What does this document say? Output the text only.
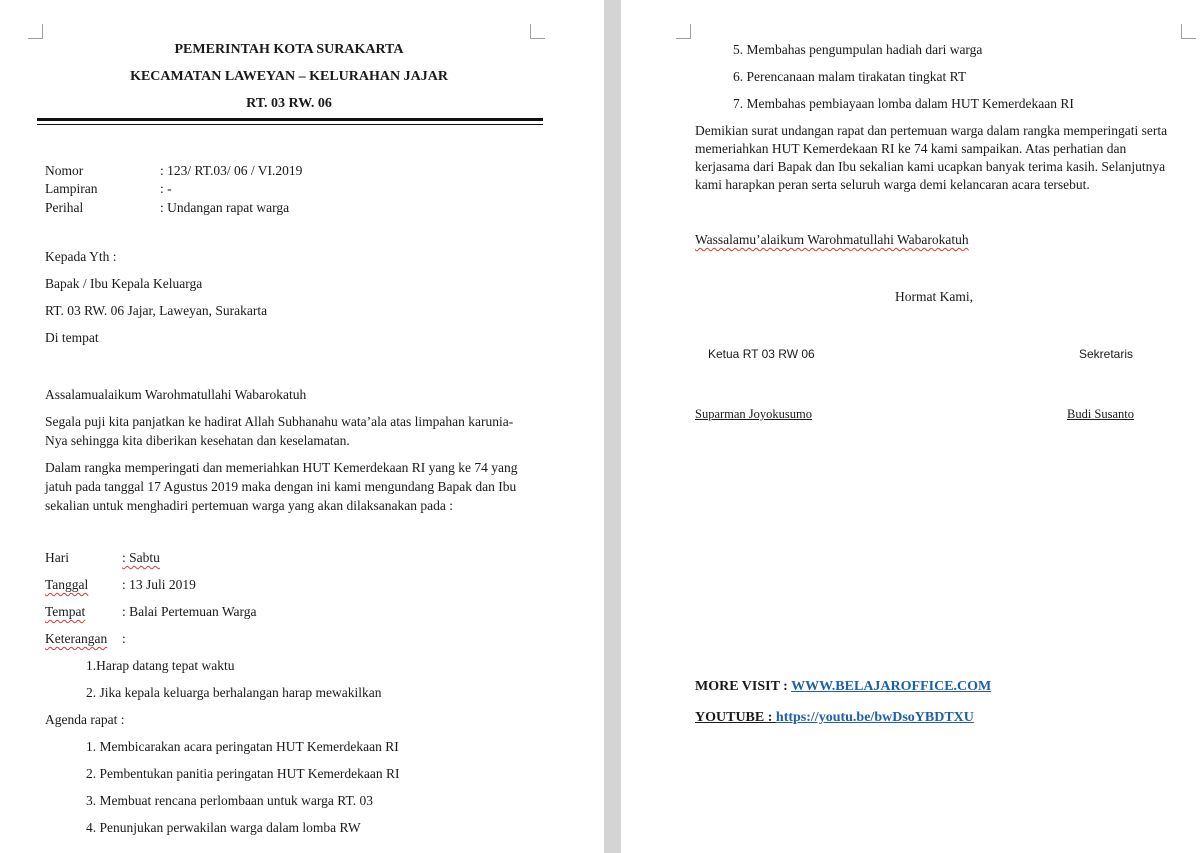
PEMERINTAH KOTA SURAKARTA
KECAMATAN LAWEYAN – KELURAHAN JAJAR
RT. 03 RW. 06
Nomor	: 123/ RT.03/ 06 / VI.2019
Lampiran	: -
Perihal	: Undangan rapat warga
Kepada Yth :
Bapak / Ibu Kepala Keluarga
RT. 03 RW. 06 Jajar, Laweyan, Surakarta
Di tempat
Assalamualaikum Warohmatullahi Wabarokatuh
Segala puji kita panjatkan ke hadirat Allah Subhanahu wata’ala atas limpahan karunia-
Nya sehingga kita diberikan kesehatan dan keselamatan.
Dalam rangka memperingati dan memeriahkan HUT Kemerdekaan RI yang ke 74 yang
jatuh pada tanggal 17 Agustus 2019 maka dengan ini kami mengundang Bapak dan Ibu
sekalian untuk menghadiri pertemuan warga yang akan dilaksanakan pada :
Hari	: Sabtu
Tanggal : 13 Juli 2019
Tempat	: Balai Pertemuan Warga
Keterangan :
1.Harap datang tepat waktu
2. Jika kepala keluarga berhalangan harap mewakilkan
Agenda rapat :
1. Membicarakan acara peringatan HUT Kemerdekaan RI
2. Pembentukan panitia peringatan HUT Kemerdekaan RI
3. Membuat rencana perlombaan untuk warga RT. 03
4. Penunjukan perwakilan warga dalam lomba RW
5. Membahas pengumpulan hadiah dari warga
6. Perencanaan malam tirakatan tingkat RT
7. Membahas pembiayaan lomba dalam HUT Kemerdekaan RI
Demikian surat undangan rapat dan pertemuan warga dalam rangka memperingati serta
memeriahkan HUT Kemerdekaan RI ke 74 kami sampaikan. Atas perhatian dan
kerjasama dari Bapak dan Ibu sekalian kami ucapkan banyak terima kasih. Selanjutnya
kami harapkan peran serta seluruh warga demi kelancaran acara tersebut.
Wassalamu’alaikum Warohmatullahi Wabarokatuh
Hormat Kami,
Ketua RT 03 RW 06	Sekretaris
Suparman Joyokusumo	Budi Susanto
MORE VISIT : WWW.BELAJAROFFICE.COM
YOUTUBE : https://youtu.be/bwDsoYBDTXU
